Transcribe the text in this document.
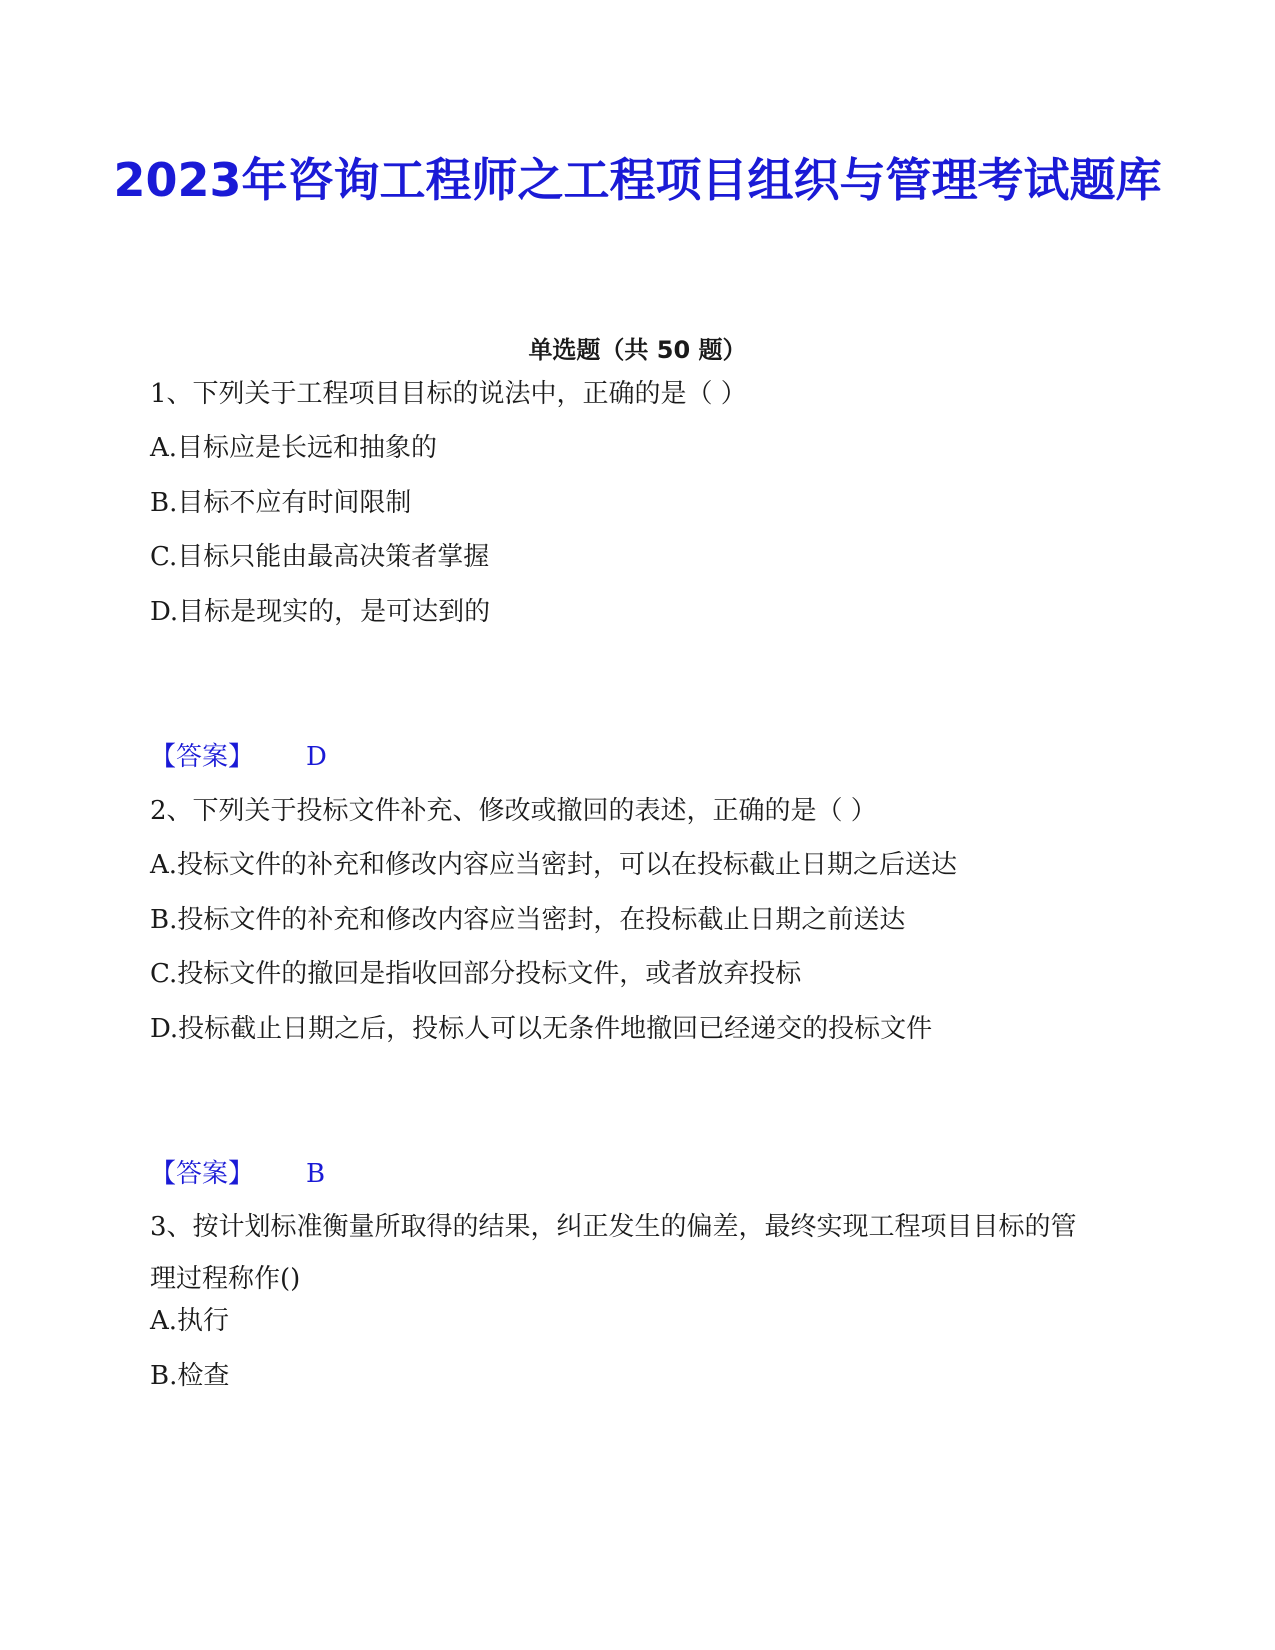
2023年咨询工程师之工程项目组织与管理考试题库
单选题（共 50 题）
1、下列关于工程项目目标的说法中，正确的是（ ）
A.目标应是长远和抽象的
B.目标不应有时间限制
C.目标只能由最高决策者掌握
D.目标是现实的，是可达到的
【答案】 D
2、下列关于投标文件补充、修改或撤回的表述，正确的是（ ）
A.投标文件的补充和修改内容应当密封，可以在投标截止日期之后送达
B.投标文件的补充和修改内容应当密封，在投标截止日期之前送达
C.投标文件的撤回是指收回部分投标文件，或者放弃投标
D.投标截止日期之后，投标人可以无条件地撤回已经递交的投标文件
【答案】 B
3、按计划标准衡量所取得的结果，纠正发生的偏差，最终实现工程项目目标的管理过程称作()
A.执行
B.检查
